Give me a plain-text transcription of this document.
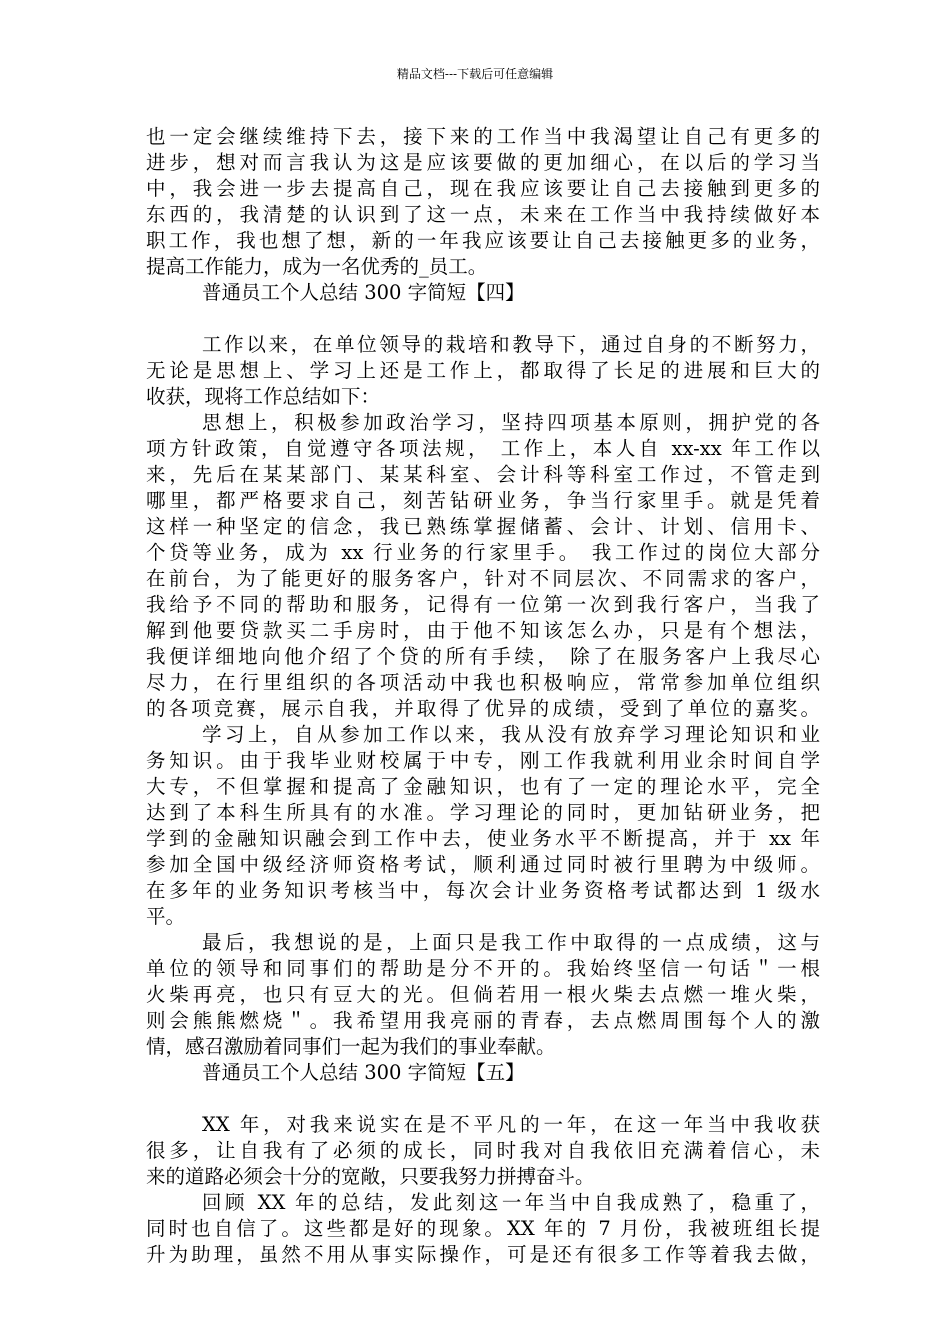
精品文档---下载后可任意编辑
也一定会继续维持下去，接下来的工作当中我渴望让自己有更多的
进步，想对而言我认为这是应该要做的更加细心，在以后的学习当
中，我会进一步去提高自己，现在我应该要让自己去接触到更多的
东西的，我清楚的认识到了这一点，未来在工作当中我持续做好本
职工作，我也想了想，新的一年我应该要让自己去接触更多的业务，
提高工作能力，成为一名优秀的_员工。
普通员工个人总结 300 字简短【四】
工作以来，在单位领导的栽培和教导下，通过自身的不断努力，
无论是思想上、学习上还是工作上，都取得了长足的进展和巨大的
收获，现将工作总结如下：
思想上，积极参加政治学习，坚持四项基本原则，拥护党的各
项方针政策，自觉遵守各项法规， 工作上，本人自 xx-xx 年工作以
来，先后在某某部门、某某科室、会计科等科室工作过，不管走到
哪里，都严格要求自己，刻苦钻研业务，争当行家里手。就是凭着
这样一种坚定的信念，我已熟练掌握储蓄、会计、计划、信用卡、
个贷等业务，成为 xx 行业务的行家里手。 我工作过的岗位大部分
在前台，为了能更好的服务客户，针对不同层次、不同需求的客户，
我给予不同的帮助和服务，记得有一位第一次到我行客户，当我了
解到他要贷款买二手房时，由于他不知该怎么办，只是有个想法，
我便详细地向他介绍了个贷的所有手续， 除了在服务客户上我尽心
尽力，在行里组织的各项活动中我也积极响应，常常参加单位组织
的各项竞赛，展示自我，并取得了优异的成绩，受到了单位的嘉奖。
学习上，自从参加工作以来，我从没有放弃学习理论知识和业
务知识。由于我毕业财校属于中专，刚工作我就利用业余时间自学
大专，不但掌握和提高了金融知识，也有了一定的理论水平，完全
达到了本科生所具有的水准。学习理论的同时，更加钻研业务，把
学到的金融知识融会到工作中去，使业务水平不断提高，并于 xx 年
参加全国中级经济师资格考试，顺利通过同时被行里聘为中级师。
在多年的业务知识考核当中，每次会计业务资格考试都达到 1 级水
平。
最后，我想说的是，上面只是我工作中取得的一点成绩，这与
单位的领导和同事们的帮助是分不开的。我始终坚信一句话＂一根
火柴再亮，也只有豆大的光。但倘若用一根火柴去点燃一堆火柴，
则会熊熊燃烧＂。我希望用我亮丽的青春，去点燃周围每个人的激
情，感召激励着同事们一起为我们的事业奉献。
普通员工个人总结 300 字简短【五】
XX 年，对我来说实在是不平凡的一年，在这一年当中我收获
很多，让自我有了必须的成长，同时我对自我依旧充满着信心，未
来的道路必须会十分的宽敞，只要我努力拼搏奋斗。
回顾 XX 年的总结，发此刻这一年当中自我成熟了，稳重了，
同时也自信了。这些都是好的现象。XX 年的 7 月份，我被班组长提
升为助理，虽然不用从事实际操作，可是还有很多工作等着我去做，
